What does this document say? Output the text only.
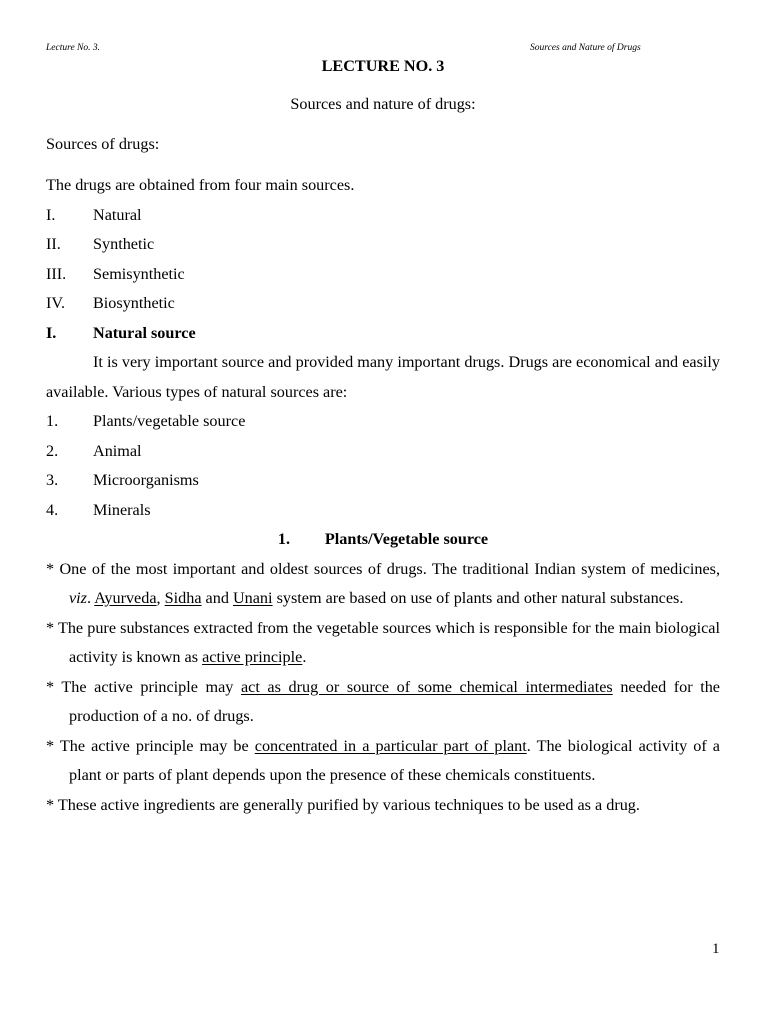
Lecture No. 3.	Sources and Nature of Drugs
LECTURE NO. 3
Sources and nature of drugs:

Sources of drugs:

The drugs are obtained from four main sources.

I.	Natural
II.	Synthetic
III.	Semisynthetic
IV.	Biosynthetic
I.	Natural source

It is very important source and provided many important drugs. Drugs are economical and easily available. Various types of natural sources are:

1.	Plants/vegetable source
2.	Animal
3.	Microorganisms
4.	Minerals
1. Plants/Vegetable source

* One of the most important and oldest sources of drugs. The traditional Indian system of medicines, viz. Ayurveda, Sidha and Unani system are based on use of plants and other natural substances.

* The pure substances extracted from the vegetable sources which is responsible for the main biological activity is known as active principle.

* The active principle may act as drug or source of some chemical intermediates needed for the production of a no. of drugs.

* The active principle may be concentrated in a particular part of plant. The biological activity of a plant or parts of plant depends upon the presence of these chemicals constituents.

* These active ingredients are generally purified by various techniques to be used as a drug.

1
